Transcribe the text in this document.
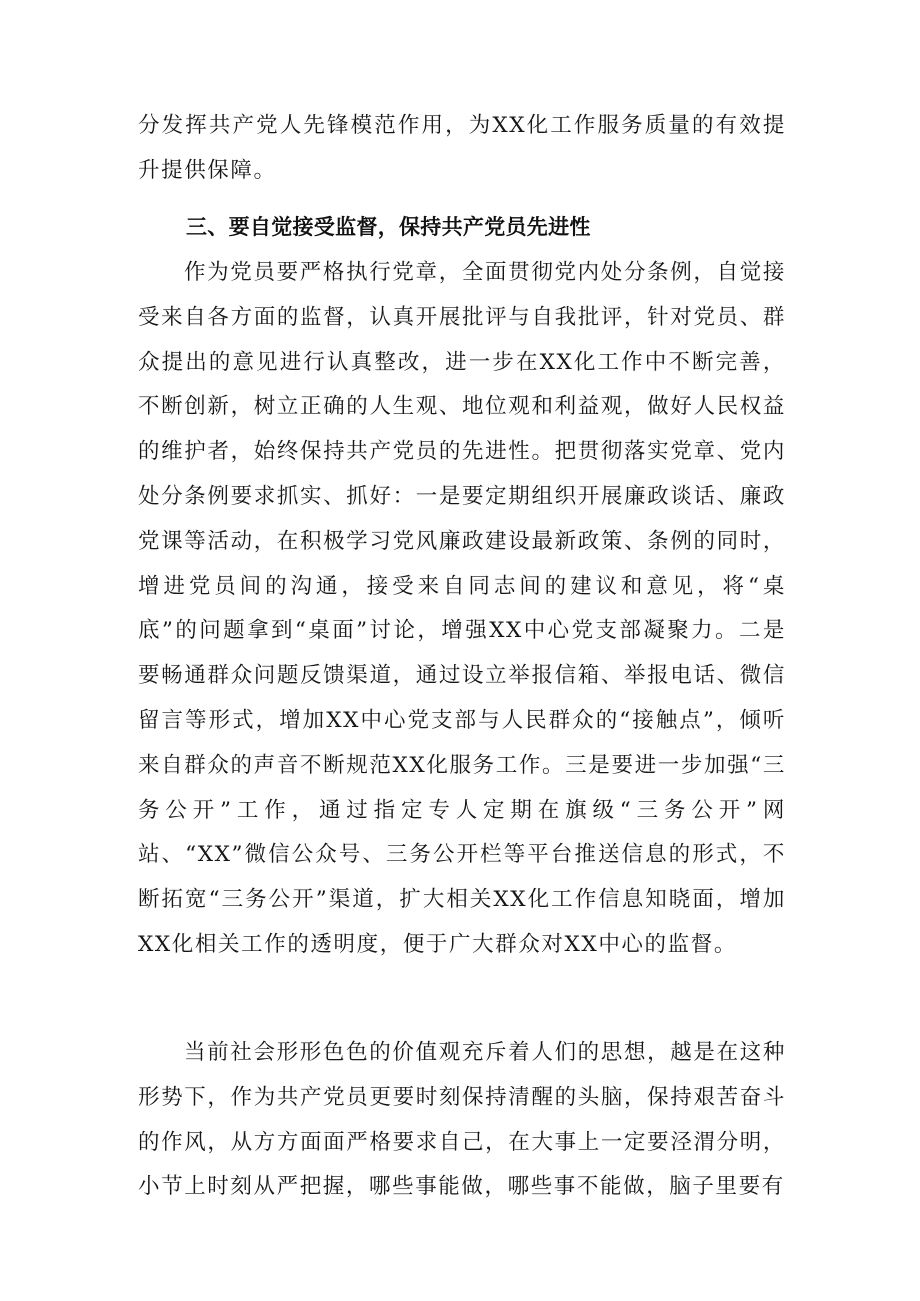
分发挥共产党人先锋模范作用，为XX化工作服务质量的有效提升提供保障。

三、要自觉接受监督，保持共产党员先进性

作为党员要严格执行党章，全面贯彻党内处分条例，自觉接受来自各方面的监督，认真开展批评与自我批评，针对党员、群众提出的意见进行认真整改，进一步在XX化工作中不断完善，不断创新，树立正确的人生观、地位观和利益观，做好人民权益的维护者，始终保持共产党员的先进性。把贯彻落实党章、党内处分条例要求抓实、抓好：一是要定期组织开展廉政谈话、廉政党课等活动，在积极学习党风廉政建设最新政策、条例的同时，增进党员间的沟通，接受来自同志间的建议和意见，将“桌底”的问题拿到“桌面”讨论，增强XX中心党支部凝聚力。二是要畅通群众问题反馈渠道，通过设立举报信箱、举报电话、微信留言等形式，增加XX中心党支部与人民群众的“接触点”，倾听来自群众的声音不断规范XX化服务工作。三是要进一步加强“三务公开”工作，通过指定专人定期在旗级“三务公开”网站、“XX”微信公众号、三务公开栏等平台推送信息的形式，不断拓宽“三务公开”渠道，扩大相关XX化工作信息知晓面，增加XX化相关工作的透明度，便于广大群众对XX中心的监督。

当前社会形形色色的价值观充斥着人们的思想，越是在这种形势下，作为共产党员更要时刻保持清醒的头脑，保持艰苦奋斗的作风，从方方面面严格要求自己，在大事上一定要泾渭分明，小节上时刻从严把握，哪些事能做，哪些事不能做，脑子里要有
